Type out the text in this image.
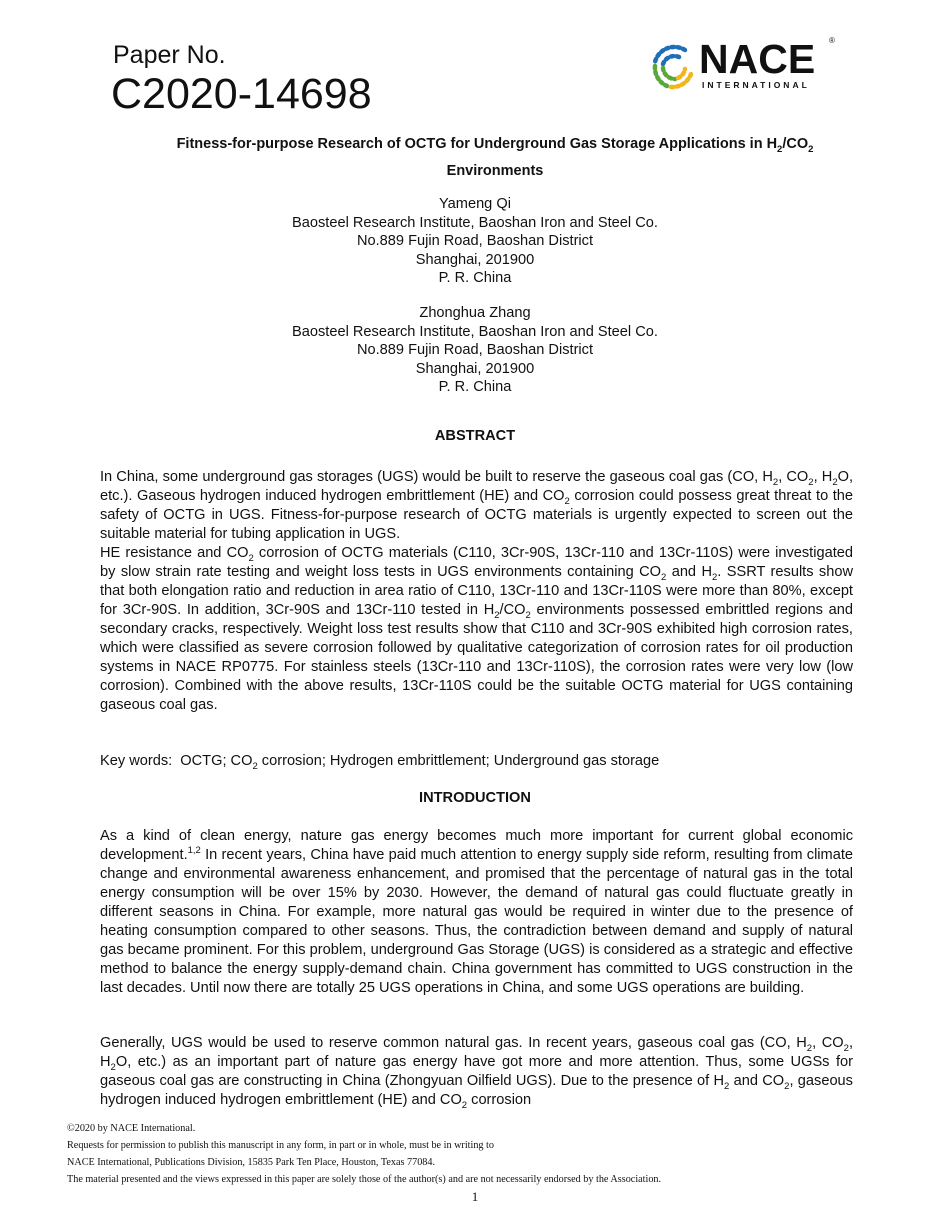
Paper No.
C2020-14698
NACE ®
INTERNATIONAL
Fitness-for-purpose Research of OCTG for Underground Gas Storage Applications in $H_2/CO_2$
Environments
Yameng Qi
Baosteel Research Institute, Baoshan Iron and Steel Co.
No.889 Fujin Road, Baoshan District
Shanghai, 201900
P. R. China
Zhonghua Zhang
Baosteel Research Institute, Baoshan Iron and Steel Co.
No.889 Fujin Road, Baoshan District
Shanghai, 201900
P. R. China
ABSTRACT

In China, some underground gas storages (UGS) would be built to reserve the gaseous coal gas (CO, $H_2$, $CO_2$, $H_2O$, etc.). Gaseous hydrogen induced hydrogen embrittlement (HE) and $CO_2$ corrosion could possess great threat to the safety of OCTG in UGS. Fitness-for-purpose research of OCTG materials is urgently expected to screen out the suitable material for tubing application in UGS.

HE resistance and $CO_2$ corrosion of OCTG materials (C110, 3Cr-90S, 13Cr-110 and 13Cr-110S) were investigated by slow strain rate testing and weight loss tests in UGS environments containing $CO_2$ and $H_2$. SSRT results show that both elongation ratio and reduction in area ratio of C110, 13Cr-110 and 13Cr-110S were more than 80%, except for 3Cr-90S. In addition, 3Cr-90S and 13Cr-110 tested in $H_2/CO_2$ environments possessed embrittled regions and secondary cracks, respectively. Weight loss test results show that C110 and 3Cr-90S exhibited high corrosion rates, which were classified as severe corrosion followed by qualitative categorization of corrosion rates for oil production systems in NACE RP0775. For stainless steels (13Cr-110 and 13Cr-110S), the corrosion rates were very low (low corrosion). Combined with the above results, 13Cr-110S could be the suitable OCTG material for UGS containing gaseous coal gas.

Key words:  OCTG; $CO_2$ corrosion; Hydrogen embrittlement; Underground gas storage

INTRODUCTION

As a kind of clean energy, nature gas energy becomes much more important for current global economic development.$^{1,2}$ In recent years, China have paid much attention to energy supply side reform, resulting from climate change and environmental awareness enhancement, and promised that the percentage of natural gas in the total energy consumption will be over 15% by 2030. However, the demand of natural gas could fluctuate greatly in different seasons in China. For example, more natural gas would be required in winter due to the presence of heating consumption compared to other seasons. Thus, the contradiction between demand and supply of natural gas became prominent. For this problem, underground Gas Storage (UGS) is considered as a strategic and effective method to balance the energy supply-demand chain. China government has committed to UGS construction in the last decades. Until now there are totally 25 UGS operations in China, and some UGS operations are building.

Generally, UGS would be used to reserve common natural gas. In recent years, gaseous coal gas (CO, $H_2$, $CO_2$, $H_2O$, etc.) as an important part of nature gas energy have got more and more attention. Thus, some UGSs for gaseous coal gas are constructing in China (Zhongyuan Oilfield UGS). Due to the presence of $H_2$ and $CO_2$, gaseous hydrogen induced hydrogen embrittlement (HE) and $CO_2$ corrosion

©2020 by NACE International.
Requests for permission to publish this manuscript in any form, in part or in whole, must be in writing to
NACE International, Publications Division, 15835 Park Ten Place, Houston, Texas 77084.
The material presented and the views expressed in this paper are solely those of the author(s) and are not necessarily endorsed by the Association.
1
